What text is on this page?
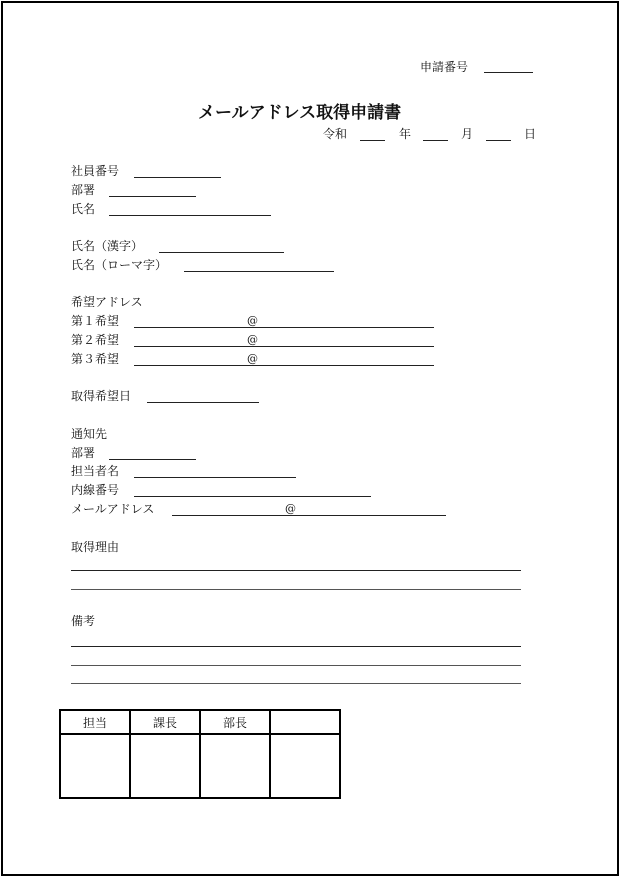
申請番号
メールアドレス取得申請書
令和	年	月	日
社員番号
部署
氏名
氏名（漢字）
氏名（ローマ字）
希望アドレス
第１希望	@
第２希望	@
第３希望	@
取得希望日
通知先
部署
担当者名
内線番号
メールアドレス	@
取得理由
備考
担当	課長	部長	
